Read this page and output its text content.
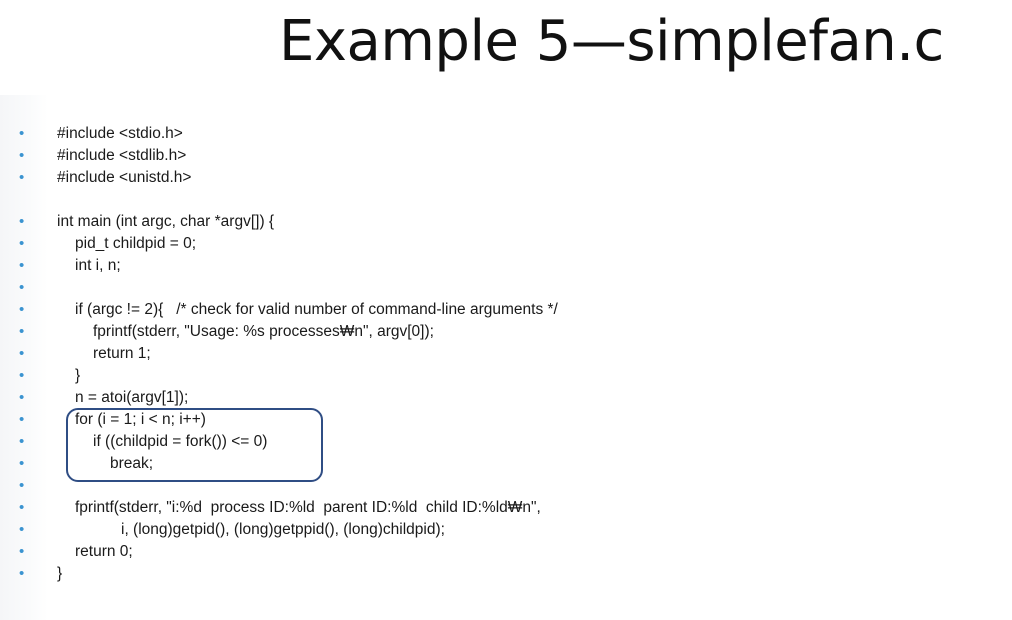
Example 5—simplefan.c
•	#include <stdio.h>
•	#include <stdlib.h>
•	#include <unistd.h>
•	int main (int argc, char *argv[]) {
•	pid_t childpid = 0;
•	int i, n;
•
•	if (argc != 2){   /* check for valid number of command-line arguments */
•	fprintf(stderr, "Usage: %s processes₩n", argv[0]);
•	return 1;
•	}
•	n = atoi(argv[1]);
•	for (i = 1; i < n; i++)
•	if ((childpid = fork()) <= 0)
•	break;
•
•	fprintf(stderr, "i:%d  process ID:%ld  parent ID:%ld  child ID:%ld₩n",
•	i, (long)getpid(), (long)getppid(), (long)childpid);
•	return 0;
•	}
